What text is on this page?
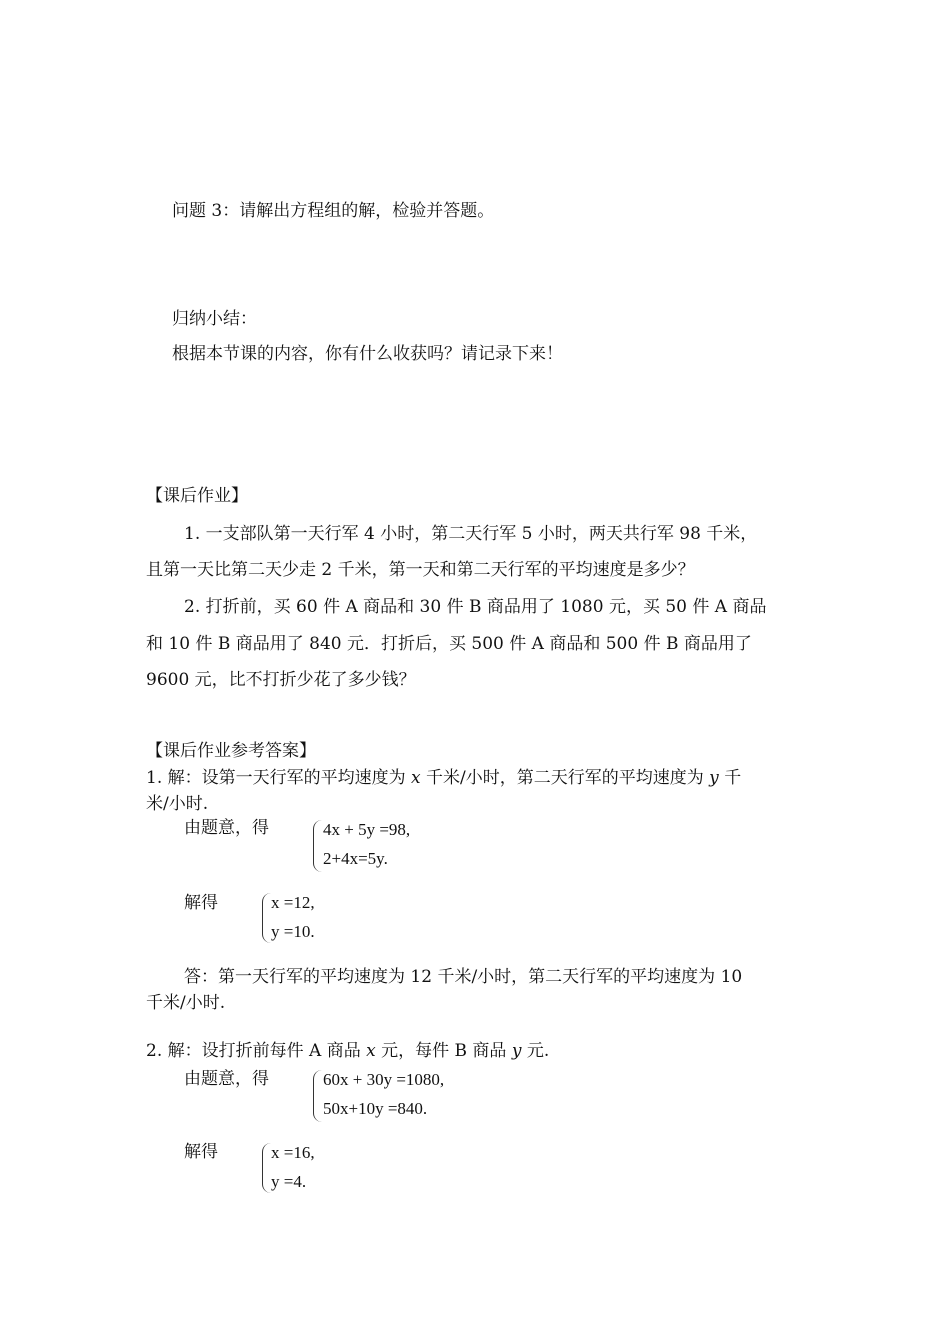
问题 3：请解出方程组的解，检验并答题。
归纳小结：
根据本节课的内容，你有什么收获吗？请记录下来！
【课后作业】
1. 一支部队第一天行军 4 小时，第二天行军 5 小时，两天共行军 98 千米，
且第一天比第二天少走 2 千米，第一天和第二天行军的平均速度是多少？
2. 打折前，买 60 件 A 商品和 30 件 B 商品用了 1080 元，买 50 件 A 商品
和 10 件 B 商品用了 840 元．打折后，买 500 件 A 商品和 500 件 B 商品用了
9600 元，比不打折少花了多少钱？
【课后作业参考答案】
1. 解：设第一天行军的平均速度为 x 千米/小时，第二天行军的平均速度为 y 千
米/小时.
由题意，得	4x + 5y =98,
2+4x=5y.
解得	x =12,
y =10.
答：第一天行军的平均速度为 12 千米/小时，第二天行军的平均速度为 10
千米/小时.
2. 解：设打折前每件 A 商品 x 元，每件 B 商品 y 元.
由题意，得	60x + 30y =1080,
50x+10y =840.
解得	x =16,
y =4.
